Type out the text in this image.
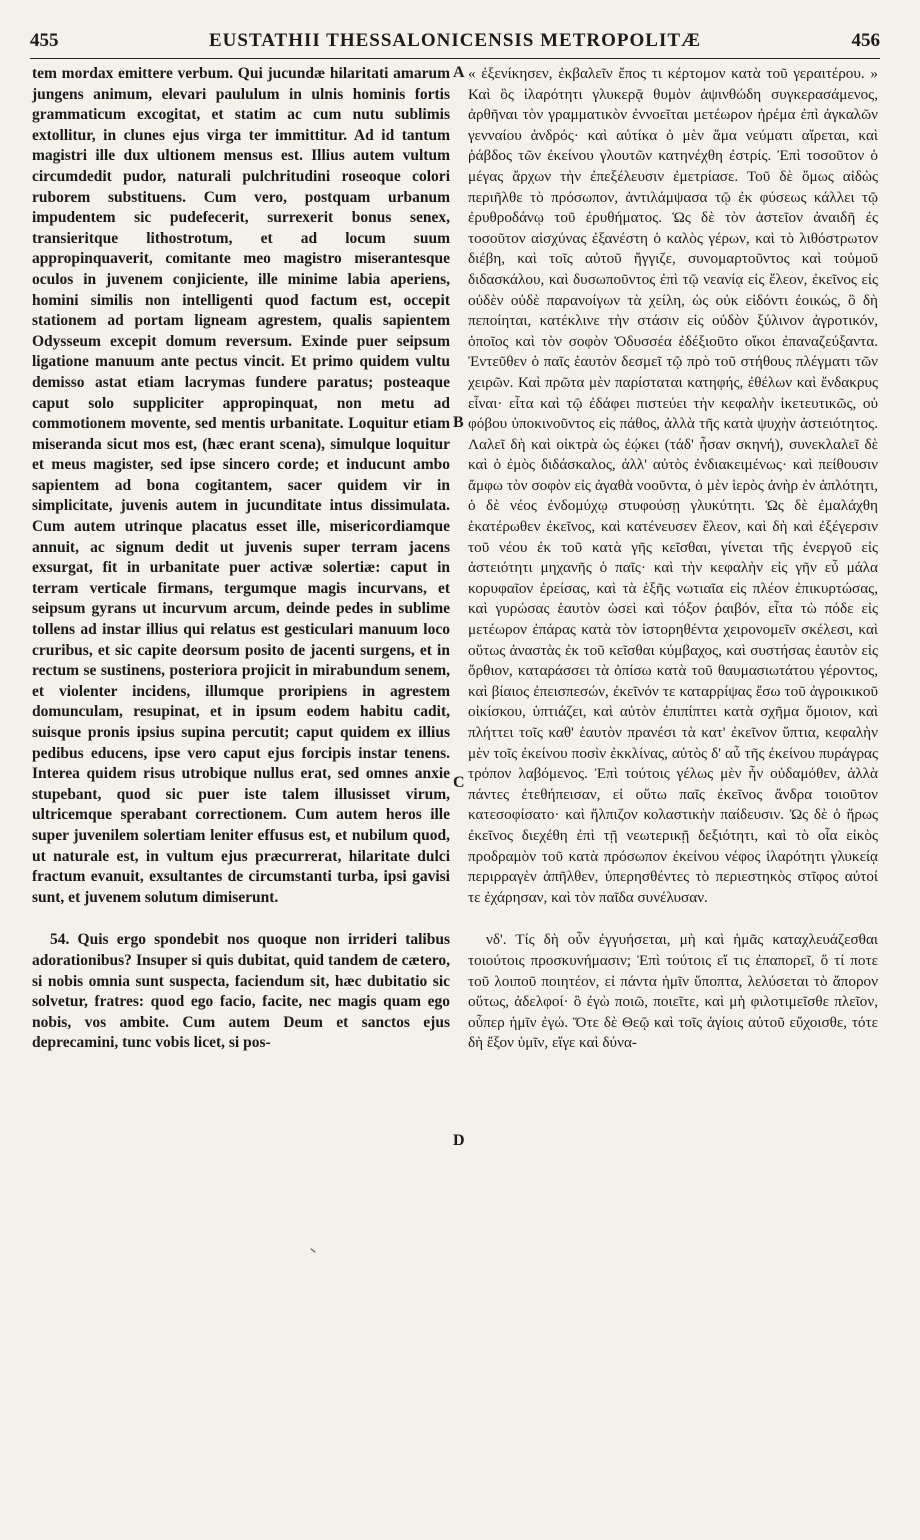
455	EUSTATHII THESSALONICENSIS METROPOLITÆ	456

tem mordax emittere verbum. Qui jucundæ hilaritati amarum jungens animum, elevari paululum in ulnis hominis fortis grammaticum excogitat, et statim ac cum nutu sublimis extollitur, in clunes ejus virga ter immittitur. Ad id tantum magistri ille dux ultionem mensus est. Illius autem vultum circumdedit pudor, naturali pulchritudini roseoque colori ruborem substituens. Cum vero, postquam urbanum impudentem sic pudefecerit, surrexerit bonus senex, transieritque lithostrotum, et ad locum suum appropinquaverit, comitante meo magistro miserantesque oculos in juvenem conjiciente, ille minime labia aperiens, homini similis non intelligenti quod factum est, occepit stationem ad portam ligneam agrestem, qualis sapientem Odysseum excepit domum reversum. Exinde puer seipsum ligatione manuum ante pectus vincit. Et primo quidem vultu demisso astat etiam lacrymas fundere paratus; posteaque caput solo suppliciter appropinquat, non metu ad commotionem movente, sed mentis urbanitate. Loquitur etiam miseranda sicut mos est, (hæc erant scena), simulque loquitur et meus magister, sed ipse sincero corde; et inducunt ambo sapientem ad bona cogitantem, sacer quidem vir in simplicitate, juvenis autem in jucunditate intus dissimulata. Cum autem utrinque placatus esset ille, misericordiamque annuit, ac signum dedit ut juvenis super terram jacens exsurgat, fit in urbanitate puer activæ solertiæ: caput in terram verticale firmans, tergumque magis incurvans, et seipsum gyrans ut incurvum arcum, deinde pedes in sublime tollens ad instar illius qui relatus est gesticulari manuum loco cruribus, et sic capite deorsum posito de jacenti surgens, et in rectum se sustinens, posteriora projicit in mirabundum senem, et violenter incidens, illumque proripiens in agrestem domunculam, resupinat, et in ipsum eodem habitu cadit, suisque pronis ipsius supina percutit; caput quidem ex illius pedibus educens, ipse vero caput ejus forcipis instar tenens. Interea quidem risus utrobique nullus erat, sed omnes anxie stupebant, quod sic puer iste talem illusisset virum, ultricemque sperabant correctionem. Cum autem heros ille super juvenilem solertiam leniter effusus est, et nubilum quod, ut naturale est, in vultum ejus præcurrerat, hilaritate dulci fractum evanuit, exsultantes de circumstanti turba, ipsi gavisi sunt, et juvenem solutum dimiserunt.

54. Quis ergo spondebit nos quoque non irrideri talibus adorationibus? Insuper si quis dubitat, quid tandem de cætero, si nobis omnia sunt suspecta, faciendum sit, hæc dubitatio sic solvetur, fratres: quod ego facio, facite, nec magis quam ego nobis, vos ambite. Cum autem Deum et sanctos ejus deprecamini, tunc vobis licet, si pos-

A
B
C
D

« ἐξενίκησεν, ἐκβαλεῖν ἔπος τι κέρτομον κατὰ τοῦ γεραιτέρου. » Καὶ ὃς ἱλαρότητι γλυκερᾷ θυμὸν ἀψινθώδη συγκερασάμενος, ἀρθῆναι τὸν γραμματικὸν ἐννοεῖται μετέωρον ἠρέμα ἐπὶ ἀγκαλῶν γενναίου ἀνδρός· καὶ αὐτίκα ὁ μὲν ἅμα νεύματι αἴρεται, καὶ ῥάβδος τῶν ἐκείνου γλουτῶν κατηνέχθη ἐστρίς. Ἐπὶ τοσοῦτον ὁ μέγας ἄρχων τὴν ἐπεξέλευσιν ἐμετρίασε. Τοῦ δὲ ὅμως αἰδὼς περιῆλθε τὸ πρόσωπον, ἀντιλάμψασα τῷ ἐκ φύσεως κάλλει τῷ ἐρυθροδάνῳ τοῦ ἐρυθήματος. Ὡς δὲ τὸν ἀστεῖον ἀναιδῆ ἐς τοσοῦτον αἰσχύνας ἐξανέστη ὁ καλὸς γέρων, καὶ τὸ λιθόστρωτον διέβη, καὶ τοῖς αὐτοῦ ἤγγιζε, συνομαρτοῦντος καὶ τοὐμοῦ διδασκάλου, καὶ δυσωποῦντος ἐπὶ τῷ νεανίᾳ εἰς ἔλεον, ἐκεῖνος εἰς οὐδὲν οὐδὲ παρανοίγων τὰ χείλη, ὡς οὐκ εἰδόντι ἐοικώς, ὃ δὴ πεποίηται, κατέκλινε τὴν στάσιν εἰς οὐδὸν ξύλινον ἀγροτικόν, ὁποῖος καὶ τὸν σοφὸν Ὀδυσσέα ἐδέξιοῦτο οἴκοι ἐπαναζεύξαντα. Ἐντεῦθεν ὁ παῖς ἑαυτὸν δεσμεῖ τῷ πρὸ τοῦ στήθους πλέγματι τῶν χειρῶν. Καὶ πρῶτα μὲν παρίσταται κατηφής, ἐθέλων καὶ ἔνδακρυς εἶναι· εἶτα καὶ τῷ ἐδάφει πιστεύει τὴν κεφαλὴν ἱκετευτικῶς, οὐ φόβου ὑποκινοῦντος εἰς πάθος, ἀλλὰ τῆς κατὰ ψυχὴν ἀστειότητος. Λαλεῖ δὴ καὶ οἰκτρὰ ὡς ἐῴκει (τάδ' ἦσαν σκηνή), συνεκλαλεῖ δὲ καὶ ὁ ἐμὸς διδάσκαλος, ἀλλ' αὐτὸς ἐνδιακειμένως· καὶ πείθουσιν ἄμφω τὸν σοφὸν εἰς ἀγαθὰ νοοῦντα, ὁ μὲν ἱερὸς ἀνὴρ ἐν ἁπλότητι, ὁ δὲ νέος ἐνδομύχῳ στυφούσῃ γλυκύτητι. Ὡς δὲ ἐμαλάχθη ἑκατέρωθεν ἐκεῖνος, καὶ κατένευσεν ἔλεον, καὶ δὴ καὶ ἐξέγερσιν τοῦ νέου ἐκ τοῦ κατὰ γῆς κεῖσθαι, γίνεται τῆς ἐνεργοῦ εἰς ἀστειότητι μηχανῆς ὁ παῖς· καὶ τὴν κεφαλὴν εἰς γῆν εὖ μάλα κορυφαῖον ἐρείσας, καὶ τὰ ἑξῆς νωτιαῖα εἰς πλέον ἐπικυρτώσας, καὶ γυρώσας ἑαυτὸν ὡσεὶ καὶ τόξον ῥαιβόν, εἶτα τὼ πόδε εἰς μετέωρον ἐπάρας κατὰ τὸν ἱστορηθέντα χειρονομεῖν σκέλεσι, καὶ οὕτως ἀναστὰς ἐκ τοῦ κεῖσθαι κύμβαχος, καὶ συστήσας ἑαυτὸν εἰς ὄρθιον, καταράσσει τὰ ὀπίσω κατὰ τοῦ θαυμασιωτάτου γέροντος, καὶ βίαιος ἐπεισπεσών, ἐκεῖνόν τε καταρρίψας ἔσω τοῦ ἀγροικικοῦ οἰκίσκου, ὑπτιάζει, καὶ αὐτὸν ἐπιπίπτει κατὰ σχῆμα ὅμοιον, καὶ πλήττει τοῖς καθ' ἑαυτὸν πρανέσι τὰ κατ' ἐκεῖνον ὕπτια, κεφαλὴν μὲν τοῖς ἐκείνου ποσὶν ἐκκλίνας, αὐτὸς δ' αὖ τῆς ἐκείνου πυράγρας τρόπον λαβόμενος. Ἐπὶ τούτοις γέλως μὲν ἦν οὐδαμόθεν, ἀλλὰ πάντες ἐτεθήπεισαν, εἰ οὕτω παῖς ἐκεῖνος ἄνδρα τοιοῦτον κατεσοφίσατο· καὶ ἤλπιζον κολαστικὴν παίδευσιν. Ὡς δὲ ὁ ἥρως ἐκεῖνος διεχέθη ἐπὶ τῇ νεωτερικῇ δεξιότητι, καὶ τὸ οἷα εἰκὸς προδραμὸν τοῦ κατὰ πρόσωπον ἐκείνου νέφος ἱλαρότητι γλυκείᾳ περιρραγὲν ἀπῆλθεν, ὑπερησθέντες τὸ περιεστηκὸς στῖφος αὐτοί τε ἐχάρησαν, καὶ τὸν παῖδα συνέλυσαν.

νδ'. Τίς δὴ οὖν ἐγγυήσεται, μὴ καὶ ἡμᾶς καταχλευάζεσθαι τοιούτοις προσκυνήμασιν; Ἐπὶ τούτοις εἴ τις ἐπαπορεῖ, ὅ τί ποτε τοῦ λοιποῦ ποιητέον, εἰ πάντα ἡμῖν ὕποπτα, λελύσεται τὸ ἄπορον οὕτως, ἀδελφοί· ὃ ἐγὼ ποιῶ, ποιεῖτε, καὶ μὴ φιλοτιμεῖσθε πλεῖον, οὗπερ ἡμῖν ἐγώ. Ὅτε δὲ Θεῷ καὶ τοῖς ἁγίοις αὐτοῦ εὔχοισθε, τότε δὴ ἔξον ὑμῖν, εἴγε καὶ δύνα-
